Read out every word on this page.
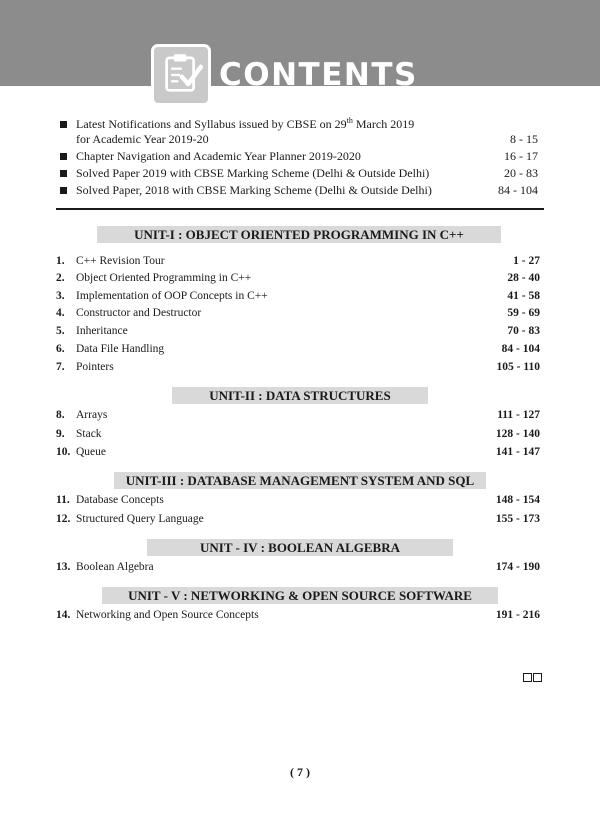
CONTENTS
Latest Notifications and Syllabus issued by CBSE on 29th March 2019
for Academic Year 2019-20	8 - 15
Chapter Navigation and Academic Year Planner 2019-2020	16 - 17
Solved Paper 2019 with CBSE Marking Scheme (Delhi & Outside Delhi)	20 - 83
Solved Paper, 2018 with CBSE Marking Scheme (Delhi & Outside Delhi)	84 - 104
UNIT-I : OBJECT ORIENTED PROGRAMMING IN C++
1. C++ Revision Tour	1 - 27
2. Object Oriented Programming in C++	28 - 40
3. Implementation of OOP Concepts in C++	41 - 58
4. Constructor and Destructor	59 - 69
5. Inheritance	70 - 83
6. Data File Handling	84 - 104
7. Pointers	105 - 110
UNIT-II : DATA STRUCTURES
8. Arrays	111 - 127
9. Stack	128 - 140
10. Queue	141 - 147
UNIT-III : DATABASE MANAGEMENT SYSTEM AND SQL
11. Database Concepts	148 - 154
12. Structured Query Language	155 - 173
UNIT - IV : BOOLEAN ALGEBRA
13. Boolean Algebra	174 - 190
UNIT - V : NETWORKING & OPEN SOURCE SOFTWARE
14. Networking and Open Source Concepts	191 - 216
( 7 )
